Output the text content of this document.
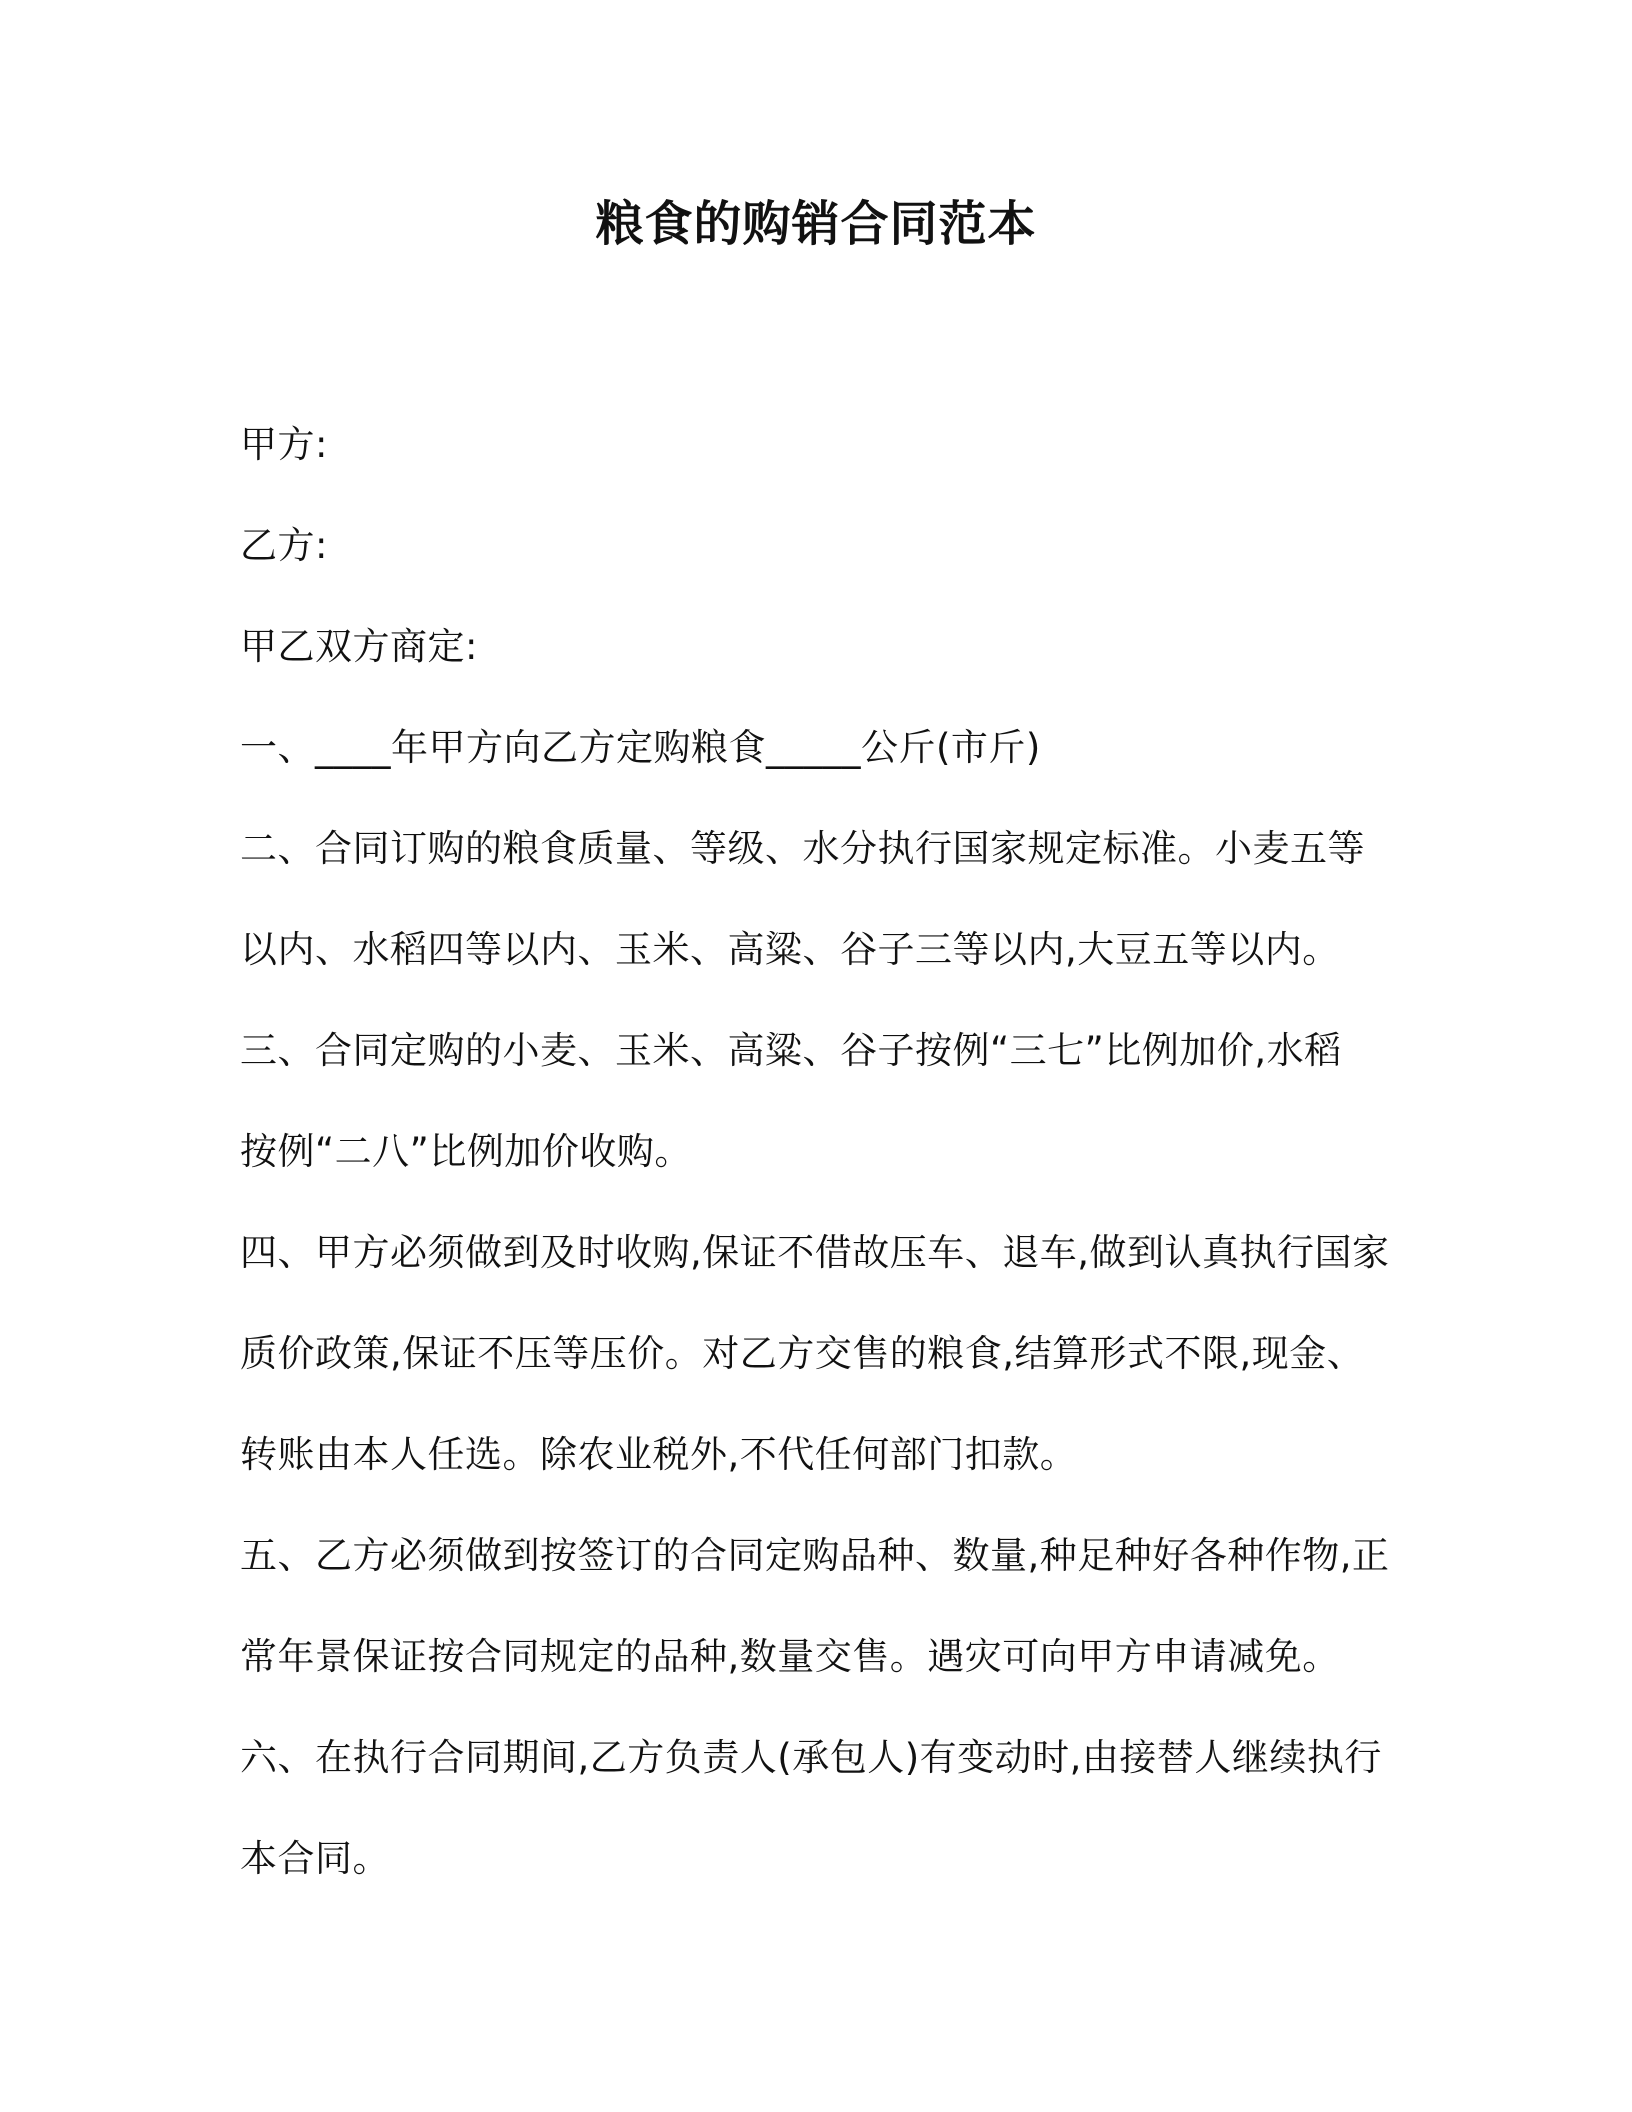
粮食的购销合同范本

甲方:

乙方:

甲乙双方商定:

一、____年甲方向乙方定购粮食_____公斤(市斤)

二、合同订购的粮食质量、等级、水分执行国家规定标准。小麦五等

以内、水稻四等以内、玉米、高粱、谷子三等以内,大豆五等以内。

三、合同定购的小麦、玉米、高粱、谷子按例“三七”比例加价,水稻

按例“二八”比例加价收购。

四、甲方必须做到及时收购,保证不借故压车、退车,做到认真执行国家

质价政策,保证不压等压价。对乙方交售的粮食,结算形式不限,现金、

转账由本人任选。除农业税外,不代任何部门扣款。

五、乙方必须做到按签订的合同定购品种、数量,种足种好各种作物,正

常年景保证按合同规定的品种,数量交售。遇灾可向甲方申请减免。

六、在执行合同期间,乙方负责人(承包人)有变动时,由接替人继续执行

本合同。
